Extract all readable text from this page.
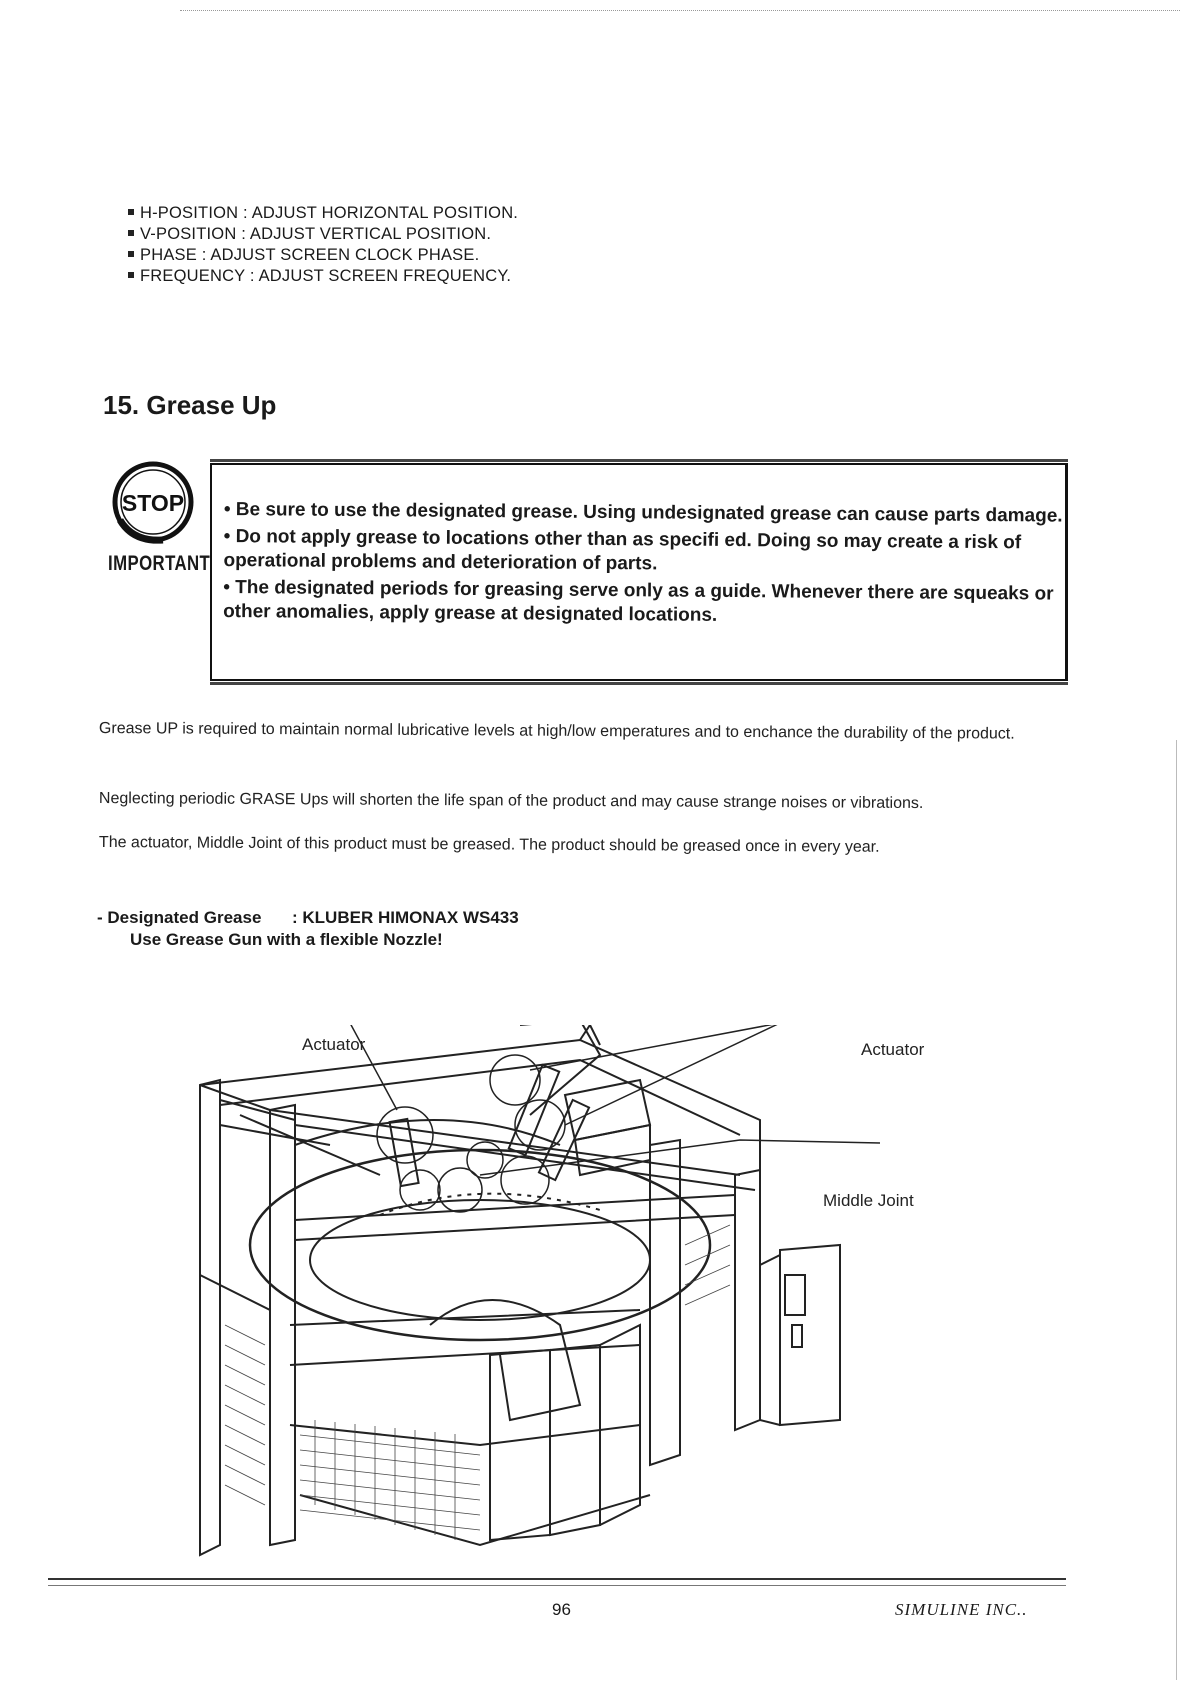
H-POSITION : ADJUST HORIZONTAL POSITION.
V-POSITION : ADJUST VERTICAL POSITION.
PHASE : ADJUST SCREEN CLOCK PHASE.
FREQUENCY : ADJUST SCREEN FREQUENCY.
15. Grease Up
STOP
IMPORTANT
• Be sure to use the designated grease. Using undesignated grease can cause parts damage.
• Do not apply grease to locations other than as specifi ed. Doing so may create a risk of operational problems and deterioration of parts.
• The designated periods for greasing serve only as a guide. Whenever there are squeaks or other anomalies, apply grease at designated locations.

Grease UP is required to maintain normal lubricative levels at high/low emperatures and to enchance the durability of the product.

Neglecting periodic GRASE Ups will shorten the life span of the product and may cause strange noises or vibrations.

The actuator, Middle Joint of this product must be greased. The product should be greased once in every year.

- Designated Grease : KLUBER HIMONAX WS433
Use Grease Gun with a flexible Nozzle!
Actuator	Actuator
Middle Joint
96	SIMULINE INC..
